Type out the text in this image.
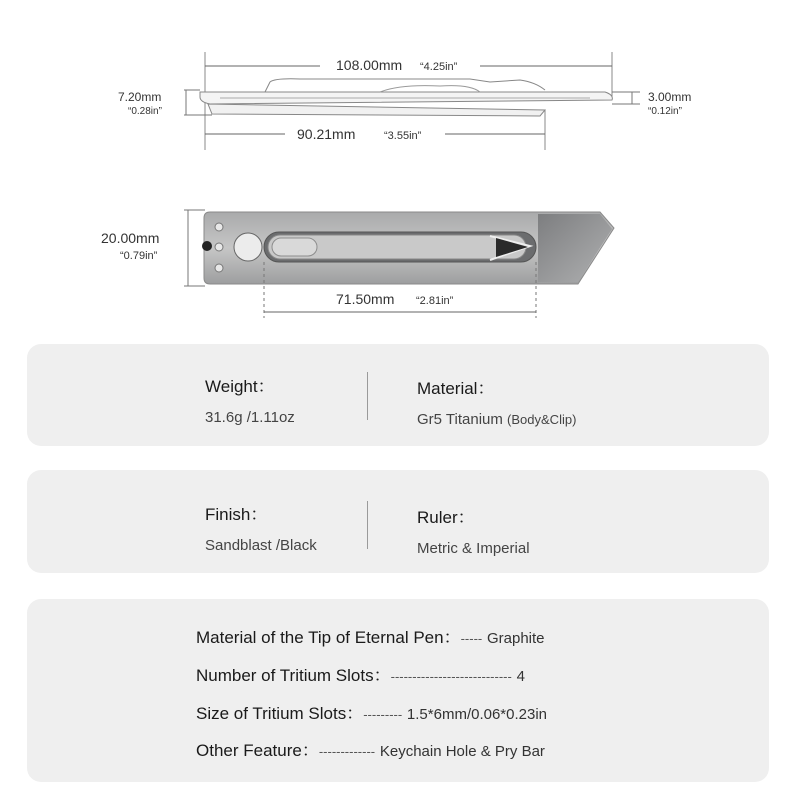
108.00mm “4.25in”
7.20mm
“0.28in”
3.00mm
“0.12in”
90.21mm	“3.55in”
20.00mm
“0.79in”
71.50mm “2.81in”
Weight：
31.6g /1.11oz
Material：
Gr5 Titanium (Body&Clip)
Finish：
Sandblast /Black
Ruler：
Metric & Imperial
Material of the Tip of Eternal Pen：----- Graphite
Number of Tritium Slots：---------------------------- 4
Size of Tritium Slots：--------- 1.5*6mm/0.06*0.23in
Other Feature：------------- Keychain Hole & Pry Bar
